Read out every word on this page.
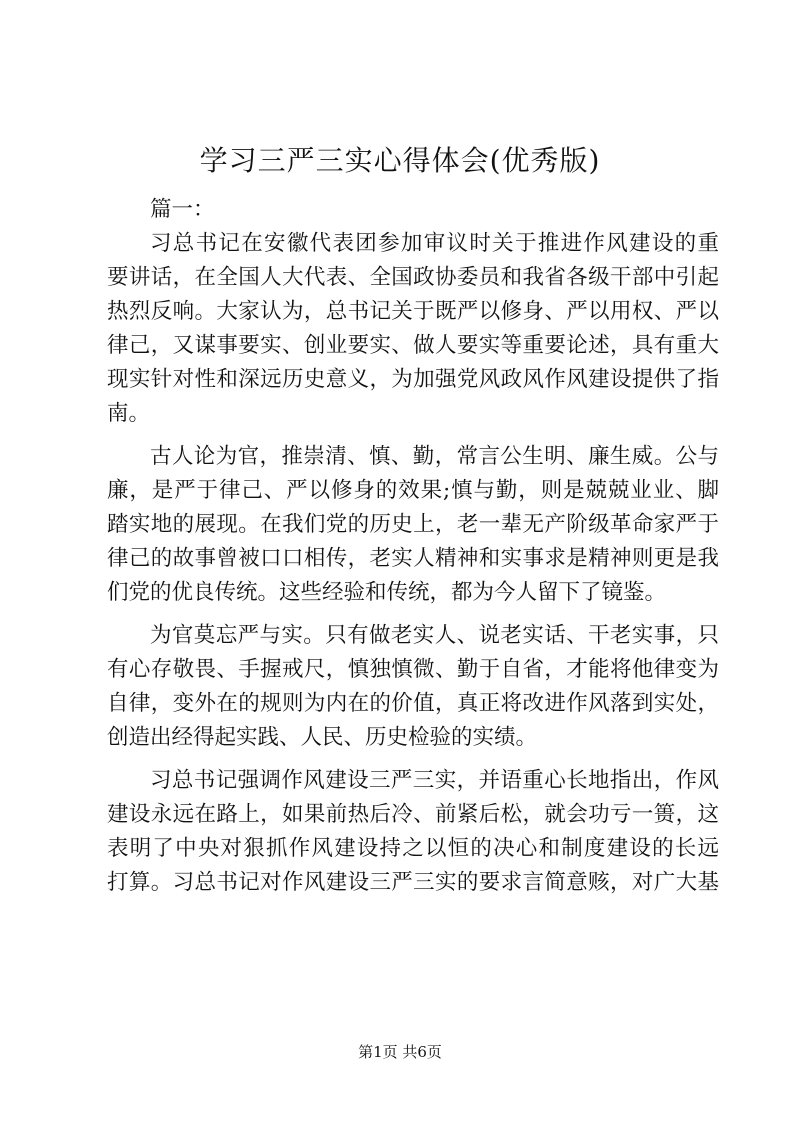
学习三严三实心得体会(优秀版)
篇一：
习总书记在安徽代表团参加审议时关于推进作风建设的重
要讲话，在全国人大代表、全国政协委员和我省各级干部中引起
热烈反响。大家认为，总书记关于既严以修身、严以用权、严以
律己，又谋事要实、创业要实、做人要实等重要论述，具有重大
现实针对性和深远历史意义，为加强党风政风作风建设提供了指
南。
古人论为官，推崇清、慎、勤，常言公生明、廉生威。公与
廉，是严于律己、严以修身的效果;慎与勤，则是兢兢业业、脚
踏实地的展现。在我们党的历史上，老一辈无产阶级革命家严于
律己的故事曾被口口相传，老实人精神和实事求是精神则更是我
们党的优良传统。这些经验和传统，都为今人留下了镜鉴。
为官莫忘严与实。只有做老实人、说老实话、干老实事，只
有心存敬畏、手握戒尺，慎独慎微、勤于自省，才能将他律变为
自律，变外在的规则为内在的价值，真正将改进作风落到实处，
创造出经得起实践、人民、历史检验的实绩。
习总书记强调作风建设三严三实，并语重心长地指出，作风
建设永远在路上，如果前热后冷、前紧后松，就会功亏一篑，这
表明了中央对狠抓作风建设持之以恒的决心和制度建设的长远
打算。习总书记对作风建设三严三实的要求言简意赅，对广大基
第1页 共6页
